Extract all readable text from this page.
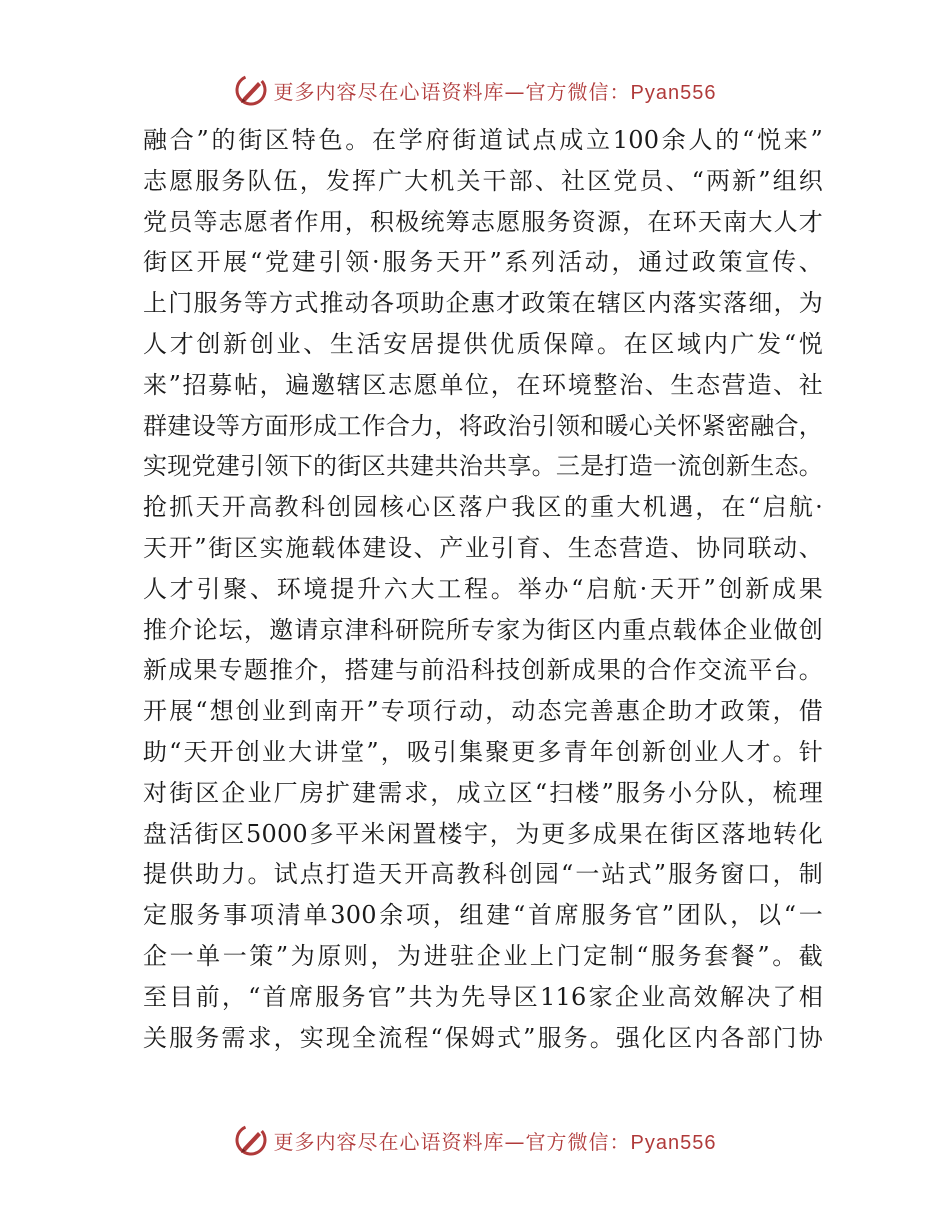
更多内容尽在心语资料库—官方微信：Pyan556
融合”的街区特色。在学府街道试点成立100余人的“悦来”
志愿服务队伍，发挥广大机关干部、社区党员、“两新”组织
党员等志愿者作用，积极统筹志愿服务资源，在环天南大人才
街区开展“党建引领·服务天开”系列活动，通过政策宣传、
上门服务等方式推动各项助企惠才政策在辖区内落实落细，为
人才创新创业、生活安居提供优质保障。在区域内广发“悦
来”招募帖，遍邀辖区志愿单位，在环境整治、生态营造、社
群建设等方面形成工作合力，将政治引领和暖心关怀紧密融合，
实现党建引领下的街区共建共治共享。三是打造一流创新生态。
抢抓天开高教科创园核心区落户我区的重大机遇，在“启航·
天开”街区实施载体建设、产业引育、生态营造、协同联动、
人才引聚、环境提升六大工程。举办“启航·天开”创新成果
推介论坛，邀请京津科研院所专家为街区内重点载体企业做创
新成果专题推介，搭建与前沿科技创新成果的合作交流平台。
开展“想创业到南开”专项行动，动态完善惠企助才政策，借
助“天开创业大讲堂”，吸引集聚更多青年创新创业人才。针
对街区企业厂房扩建需求，成立区“扫楼”服务小分队，梳理
盘活街区5000多平米闲置楼宇，为更多成果在街区落地转化
提供助力。试点打造天开高教科创园“一站式”服务窗口，制
定服务事项清单300余项，组建“首席服务官”团队，以“一
企一单一策”为原则，为进驻企业上门定制“服务套餐”。截
至目前，“首席服务官”共为先导区116家企业高效解决了相
关服务需求，实现全流程“保姆式”服务。强化区内各部门协
更多内容尽在心语资料库—官方微信：Pyan556
